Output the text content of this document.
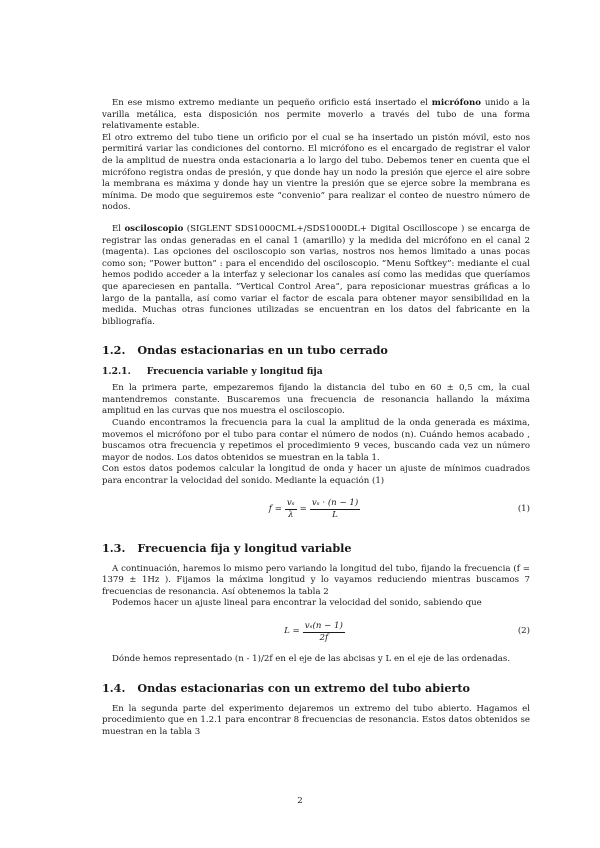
En ese mismo extremo mediante un pequeño orificio está insertado el micrófono unido a la varilla metálica, esta disposición nos permite moverlo a través del tubo de una forma relativamente estable.

El otro extremo del tubo tiene un orificio por el cual se ha insertado un pistón móvil, esto nos permitirá variar las condiciones del contorno. El micrófono es el encargado de registrar el valor de la amplitud de nuestra onda estacionaria a lo largo del tubo. Debemos tener en cuenta que el micrófono registra ondas de presión, y que donde hay un nodo la presión que ejerce el aire sobre la membrana es máxima y donde hay un vientre la presión que se ejerce sobre la membrana es mínima. De modo que seguiremos este “convenio” para realizar el conteo de nuestro número de nodos.

El osciloscopio (SIGLENT SDS1000CML+/SDS1000DL+ Digital Oscilloscope ) se encarga de registrar las ondas generadas en el canal 1 (amarillo) y la medida del micrófono en el canal 2 (magenta). Las opciones del osciloscopio son varias, nostros nos hemos limitado a unas pocas como son; ”Power button” : para el encendido del osciloscopio. ”Menu Softkey”: mediante el cual hemos podido acceder a la interfaz y selecionar los canales así como las medidas que queríamos que apareciesen en pantalla. ”Vertical Control Area”, para reposicionar muestras gráficas a lo largo de la pantalla, así como variar el factor de escala para obtener mayor sensibilidad en la medida. Muchas otras funciones utilizadas se encuentran en los datos del fabricante en la bibliografía.

1.2. Ondas estacionarias en un tubo cerrado
1.2.1. Frecuencia variable y longitud fija

En la primera parte, empezaremos fijando la distancia del tubo en 60 ± 0,5 cm, la cual mantendremos constante. Buscaremos una frecuencia de resonancia hallando la máxima amplitud en las curvas que nos muestra el osciloscopio.

Cuando encontramos la frecuencia para la cual la amplitud de la onda generada es máxima, movemos el micrófono por el tubo para contar el número de nodos (n). Cuándo hemos acabado , buscamos otra frecuencia y repetimos el procedimiento 9 veces, buscando cada vez un número mayor de nodos. Los datos obtenidos se muestran en la tabla 1.

Con estos datos podemos calcular la longitud de onda y hacer un ajuste de mínimos cuadrados para encontrar la velocidad del sonido. Mediante la equación (1)

$f = \frac{\text{vₛ}}{\lambda} = \frac{\text{vₛ · (n − 1)}}{L}$	(1)
1.3. Frecuencia fija y longitud variable

A continuación, haremos lo mismo pero variando la longitud del tubo, fijando la frecuencia (f = 1379 ± 1Hz ). Fijamos la máxima longitud y lo vayamos reduciendo mientras buscamos 7 frecuencias de resonancia. Así obtenemos la tabla 2

Podemos hacer un ajuste lineal para encontrar la velocidad del sonido, sabiendo que

$L = \frac{\text{vₛ(n − 1)}}{2f}$	(2)

Dónde hemos representado (n - 1)/2f en el eje de las abcisas y L en el eje de las ordenadas.

1.4. Ondas estacionarias con un extremo del tubo abierto

En la segunda parte del experimento dejaremos un extremo del tubo abierto. Hagamos el procedimiento que en 1.2.1 para encontrar 8 frecuencias de resonancia. Estos datos obtenidos se muestran en la tabla 3

2
